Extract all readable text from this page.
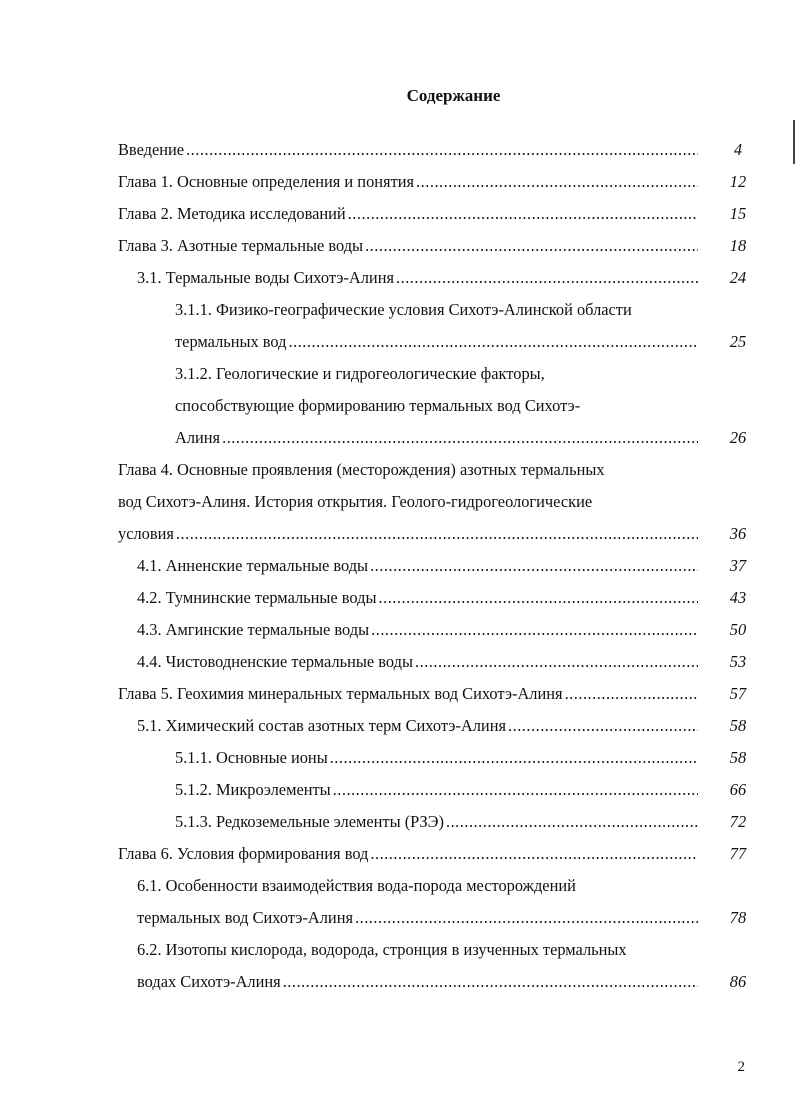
Содержание
Введение .....	4
Глава 1. Основные определения и понятия .....	12
Глава 2. Методика исследований .....	15
Глава 3. Азотные термальные воды .....	18
3.1. Термальные воды Сихотэ-Алиня .....	24
3.1.1. Физико-географические условия Сихотэ-Алинской области
термальных вод .....	25
3.1.2. Геологические и гидрогеологические факторы,
способствующие формированию термальных вод Сихотэ-
Алиня .....	26
Глава 4. Основные проявления (месторождения) азотных термальных
вод Сихотэ-Алиня. История открытия. Геолого-гидрогеологические
условия .....	36
4.1. Анненские термальные воды .....	37
4.2. Тумнинские термальные воды .....	43
4.3. Амгинские термальные воды .....	50
4.4. Чистоводненские термальные воды .....	53
Глава 5. Геохимия минеральных термальных вод Сихотэ-Алиня .....	57
5.1. Химический состав азотных терм Сихотэ-Алиня .....	58
5.1.1. Основные ионы .....	58
5.1.2. Микроэлементы .....	66
5.1.3. Редкоземельные элементы (РЗЭ) .....	72
Глава 6. Условия формирования вод .....	77
6.1. Особенности взаимодействия вода-порода месторождений
термальных вод Сихотэ-Алиня .....	78
6.2. Изотопы кислорода, водорода, стронция в изученных термальных
водах Сихотэ-Алиня .....	86
2
